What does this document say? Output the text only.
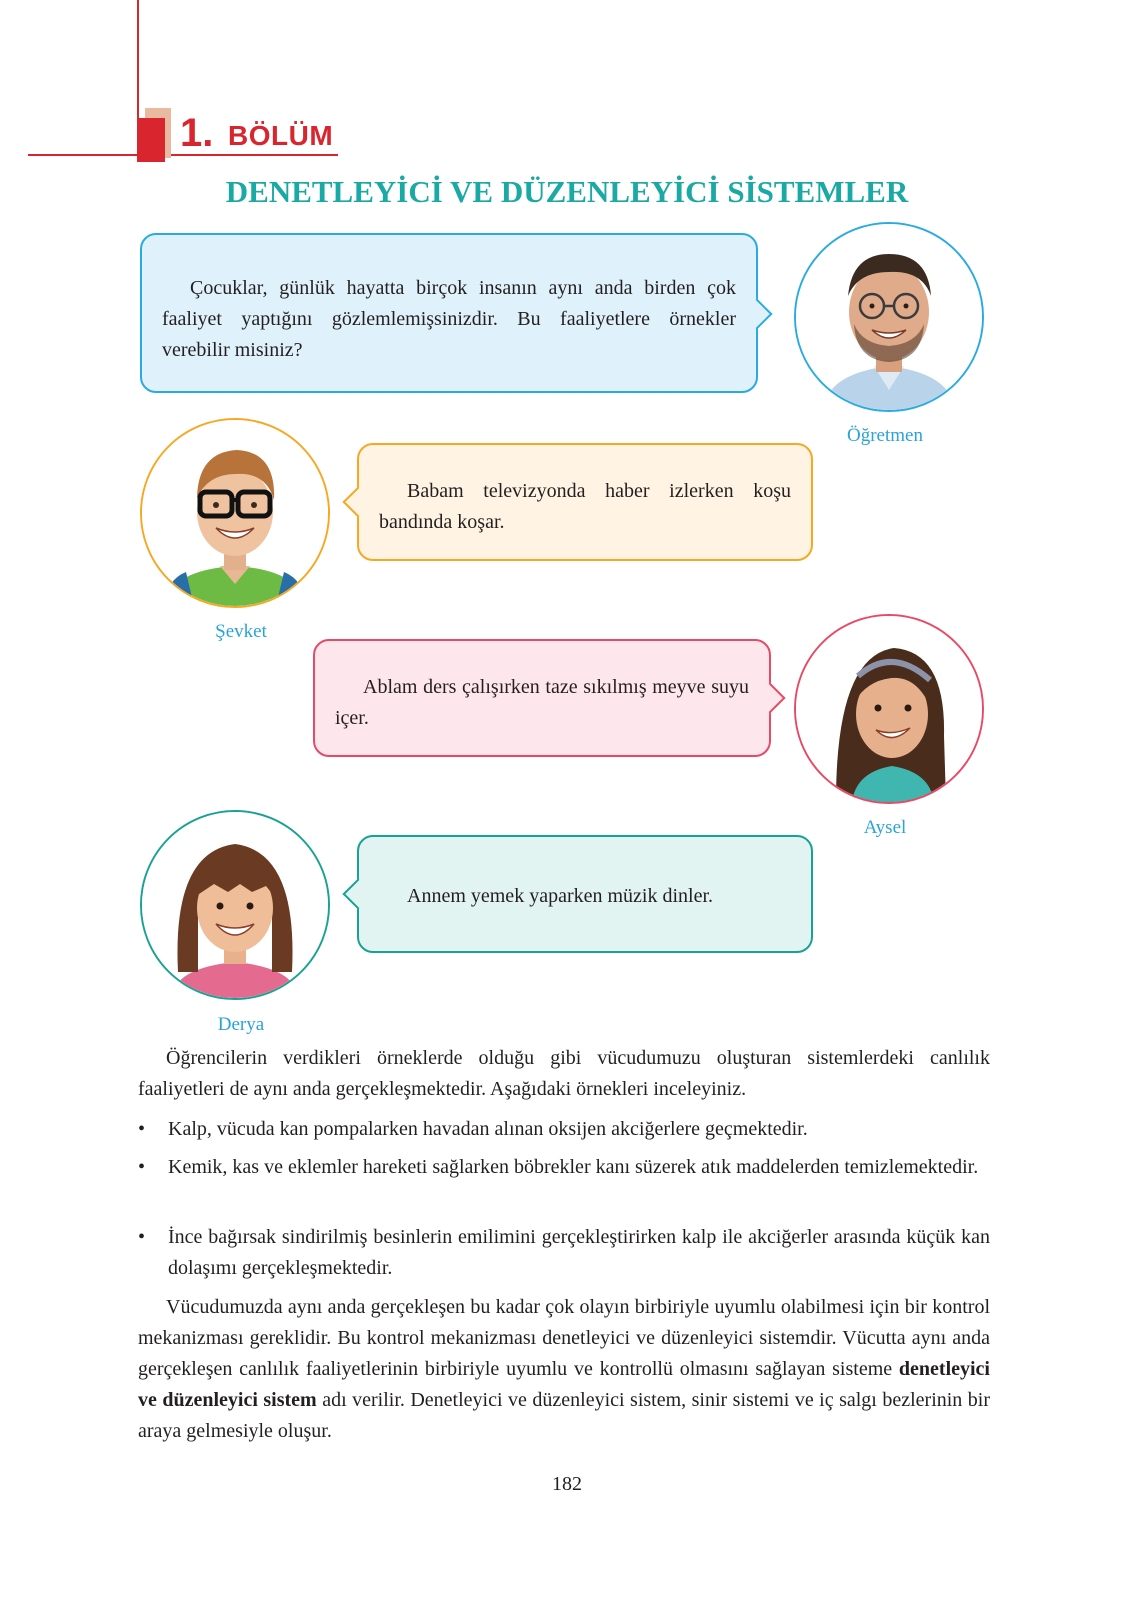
1. BÖLÜM
DENETLEYİCİ VE DÜZENLEYİCİ SİSTEMLER
Çocuklar, günlük hayatta birçok insanın aynı anda birden çok faaliyet yaptığını gözlemlemişsinizdir. Bu faaliyetlere örnekler verebilir misiniz?
Öğretmen
Babam televizyonda haber izlerken koşu bandında koşar.
Şevket
Ablam ders çalışırken taze sıkılmış meyve suyu içer.
Aysel
Annem yemek yaparken müzik dinler.
Derya
Öğrencilerin verdikleri örneklerde olduğu gibi vücudumuzu oluşturan sistemlerdeki canlılık faaliyetleri de aynı anda gerçekleşmektedir. Aşağıdaki örnekleri inceleyiniz.
• Kalp, vücuda kan pompalarken havadan alınan oksijen akciğerlere geçmektedir.
• Kemik, kas ve eklemler hareketi sağlarken böbrekler kanı süzerek atık maddelerden temizlemektedir.
• İnce bağırsak sindirilmiş besinlerin emilimini gerçekleştirirken kalp ile akciğerler arasında küçük kan dolaşımı gerçekleşmektedir.
Vücudumuzda aynı anda gerçekleşen bu kadar çok olayın birbiriyle uyumlu olabilmesi için bir kontrol mekanizması gereklidir. Bu kontrol mekanizması denetleyici ve düzenleyici sistemdir. Vücutta aynı anda gerçekleşen canlılık faaliyetlerinin birbiriyle uyumlu ve kontrollü olmasını sağlayan sisteme denetleyici ve düzenleyici sistem adı verilir. Denetleyici ve düzenleyici sistem, sinir sistemi ve iç salgı bezlerinin bir araya gelmesiyle oluşur.
182
